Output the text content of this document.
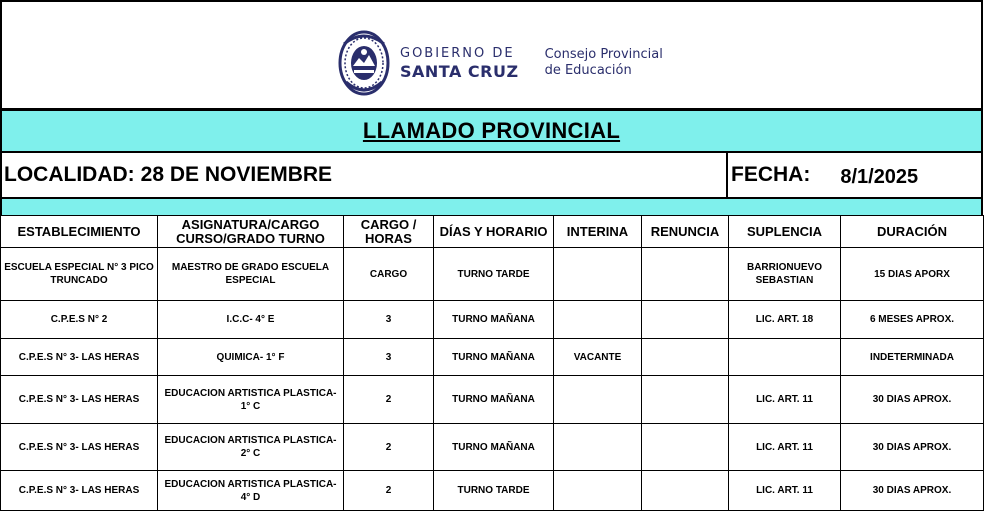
GOBIERNO DE
SANTA CRUZ
Consejo Provincial
de Educación
LLAMADO PROVINCIAL
LOCALIDAD: 28 DE NOVIEMBRE	FECHA: 8/1/2025
ESTABLECIMIENTO	ASIGNATURA/CARGO CURSO/GRADO TURNO	CARGO / HORAS	DÍAS Y HORARIO	INTERINA	RENUNCIA	SUPLENCIA	DURACIÓN
ESCUELA ESPECIAL N° 3 PICO TRUNCADO	MAESTRO DE GRADO ESCUELA ESPECIAL	CARGO	TURNO TARDE			BARRIONUEVO SEBASTIAN	15 DIAS APORX
C.P.E.S N° 2	I.C.C- 4° E	3	TURNO MAÑANA			LIC. ART. 18	6 MESES APROX.
C.P.E.S N° 3- LAS HERAS	QUIMICA- 1° F	3	TURNO MAÑANA	VACANTE			INDETERMINADA
C.P.E.S N° 3- LAS HERAS	EDUCACION ARTISTICA PLASTICA- 1° C	2	TURNO MAÑANA			LIC. ART. 11	30 DIAS APROX.
C.P.E.S N° 3- LAS HERAS	EDUCACION ARTISTICA PLASTICA- 2° C	2	TURNO MAÑANA			LIC. ART. 11	30 DIAS APROX.
C.P.E.S N° 3- LAS HERAS	EDUCACION ARTISTICA PLASTICA- 4° D	2	TURNO TARDE			LIC. ART. 11	30 DIAS APROX.
